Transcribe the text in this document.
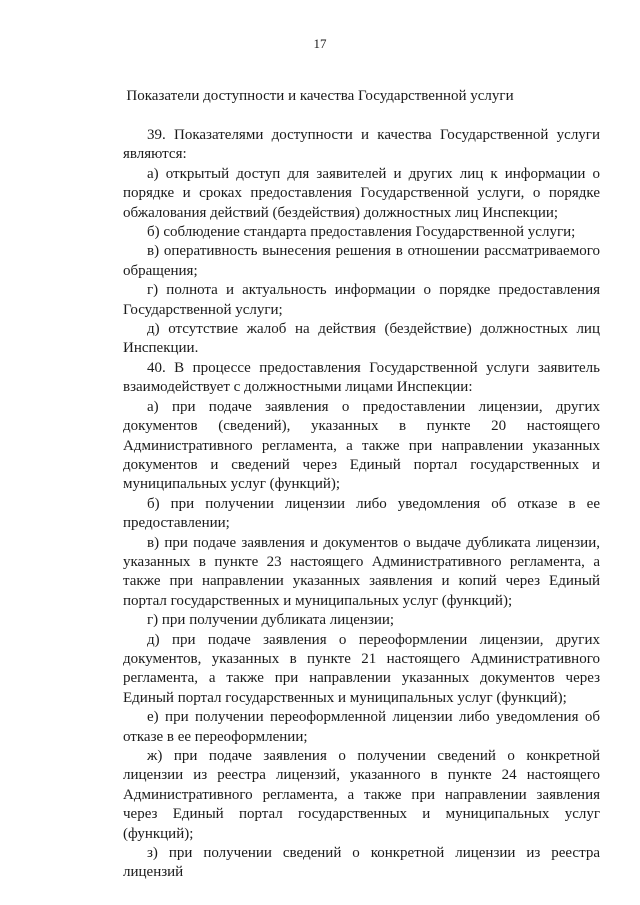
17
Показатели доступности и качества Государственной услуги

39. Показателями доступности и качества Государственной услуги являются:

а) открытый доступ для заявителей и других лиц к информации о порядке и сроках предоставления Государственной услуги, о порядке обжалования действий (бездействия) должностных лиц Инспекции;

б) соблюдение стандарта предоставления Государственной услуги;

в) оперативность вынесения решения в отношении рассматриваемого обращения;

г) полнота и актуальность информации о порядке предоставления Государственной услуги;

д) отсутствие жалоб на действия (бездействие) должностных лиц Инспекции.

40. В процессе предоставления Государственной услуги заявитель взаимодействует с должностными лицами Инспекции:

а) при подаче заявления о предоставлении лицензии, других документов (сведений), указанных в пункте 20 настоящего Административного регламента, а также при направлении указанных документов и сведений через Единый портал государственных и муниципальных услуг (функций);

б) при получении лицензии либо уведомления об отказе в ее предоставлении;

в) при подаче заявления и документов о выдаче дубликата лицензии, указанных в пункте 23 настоящего Административного регламента, а также при направлении указанных заявления и копий через Единый портал государственных и муниципальных услуг (функций);

г) при получении дубликата лицензии;

д) при подаче заявления о переоформлении лицензии, других документов, указанных в пункте 21 настоящего Административного регламента, а также при направлении указанных документов через Единый портал государственных и муниципальных услуг (функций);

е) при получении переоформленной лицензии либо уведомления об отказе в ее переоформлении;

ж) при подаче заявления о получении сведений о конкретной лицензии из реестра лицензий, указанного в пункте 24 настоящего Административного регламента, а также при направлении заявления через Единый портал государственных и муниципальных услуг (функций);

з) при получении сведений о конкретной лицензии из реестра лицензий
